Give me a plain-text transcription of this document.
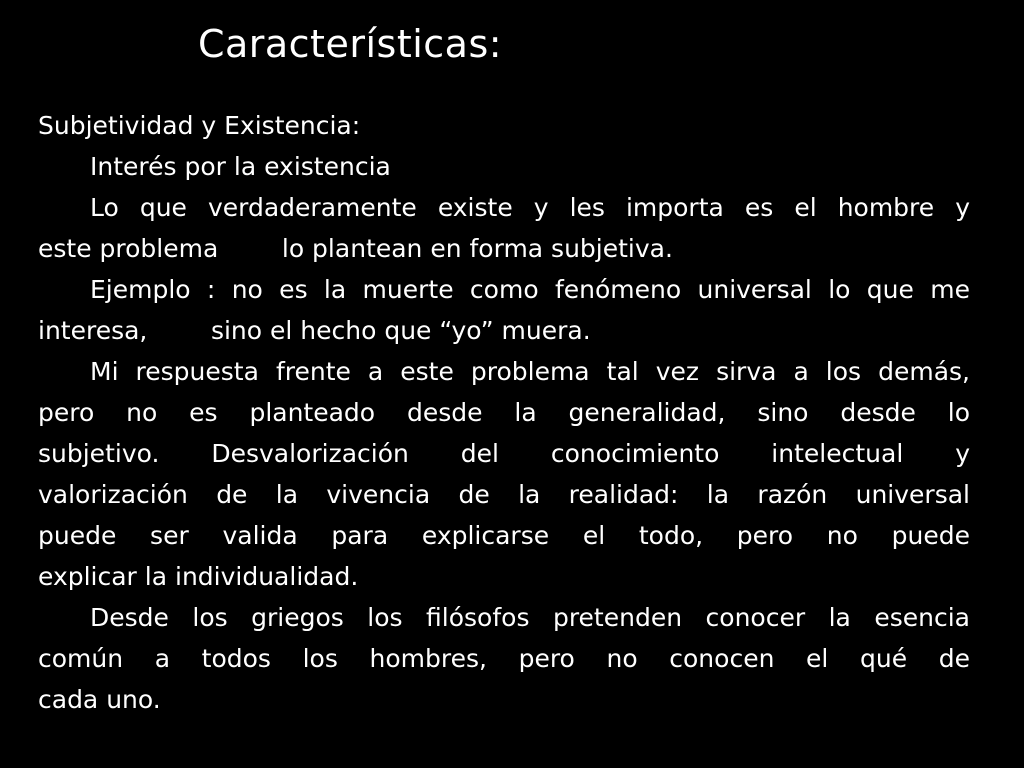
Características:
Subjetividad y Existencia:
Interés por la existencia
Lo que verdaderamente existe y les importa es el hombre y
este problema        lo plantean en forma subjetiva.
Ejemplo : no es la muerte como fenómeno universal lo que me
interesa,        sino el hecho que “yo” muera.
Mi respuesta frente a este problema tal vez sirva a los demás,
pero no es planteado desde la generalidad, sino desde lo
subjetivo. Desvalorización del conocimiento intelectual y
valorización de la vivencia de la realidad: la razón universal
puede ser valida para explicarse el todo, pero no puede
explicar la individualidad.
Desde los griegos los filósofos pretenden conocer la esencia
común a todos los hombres, pero no conocen el qué de
cada uno.
